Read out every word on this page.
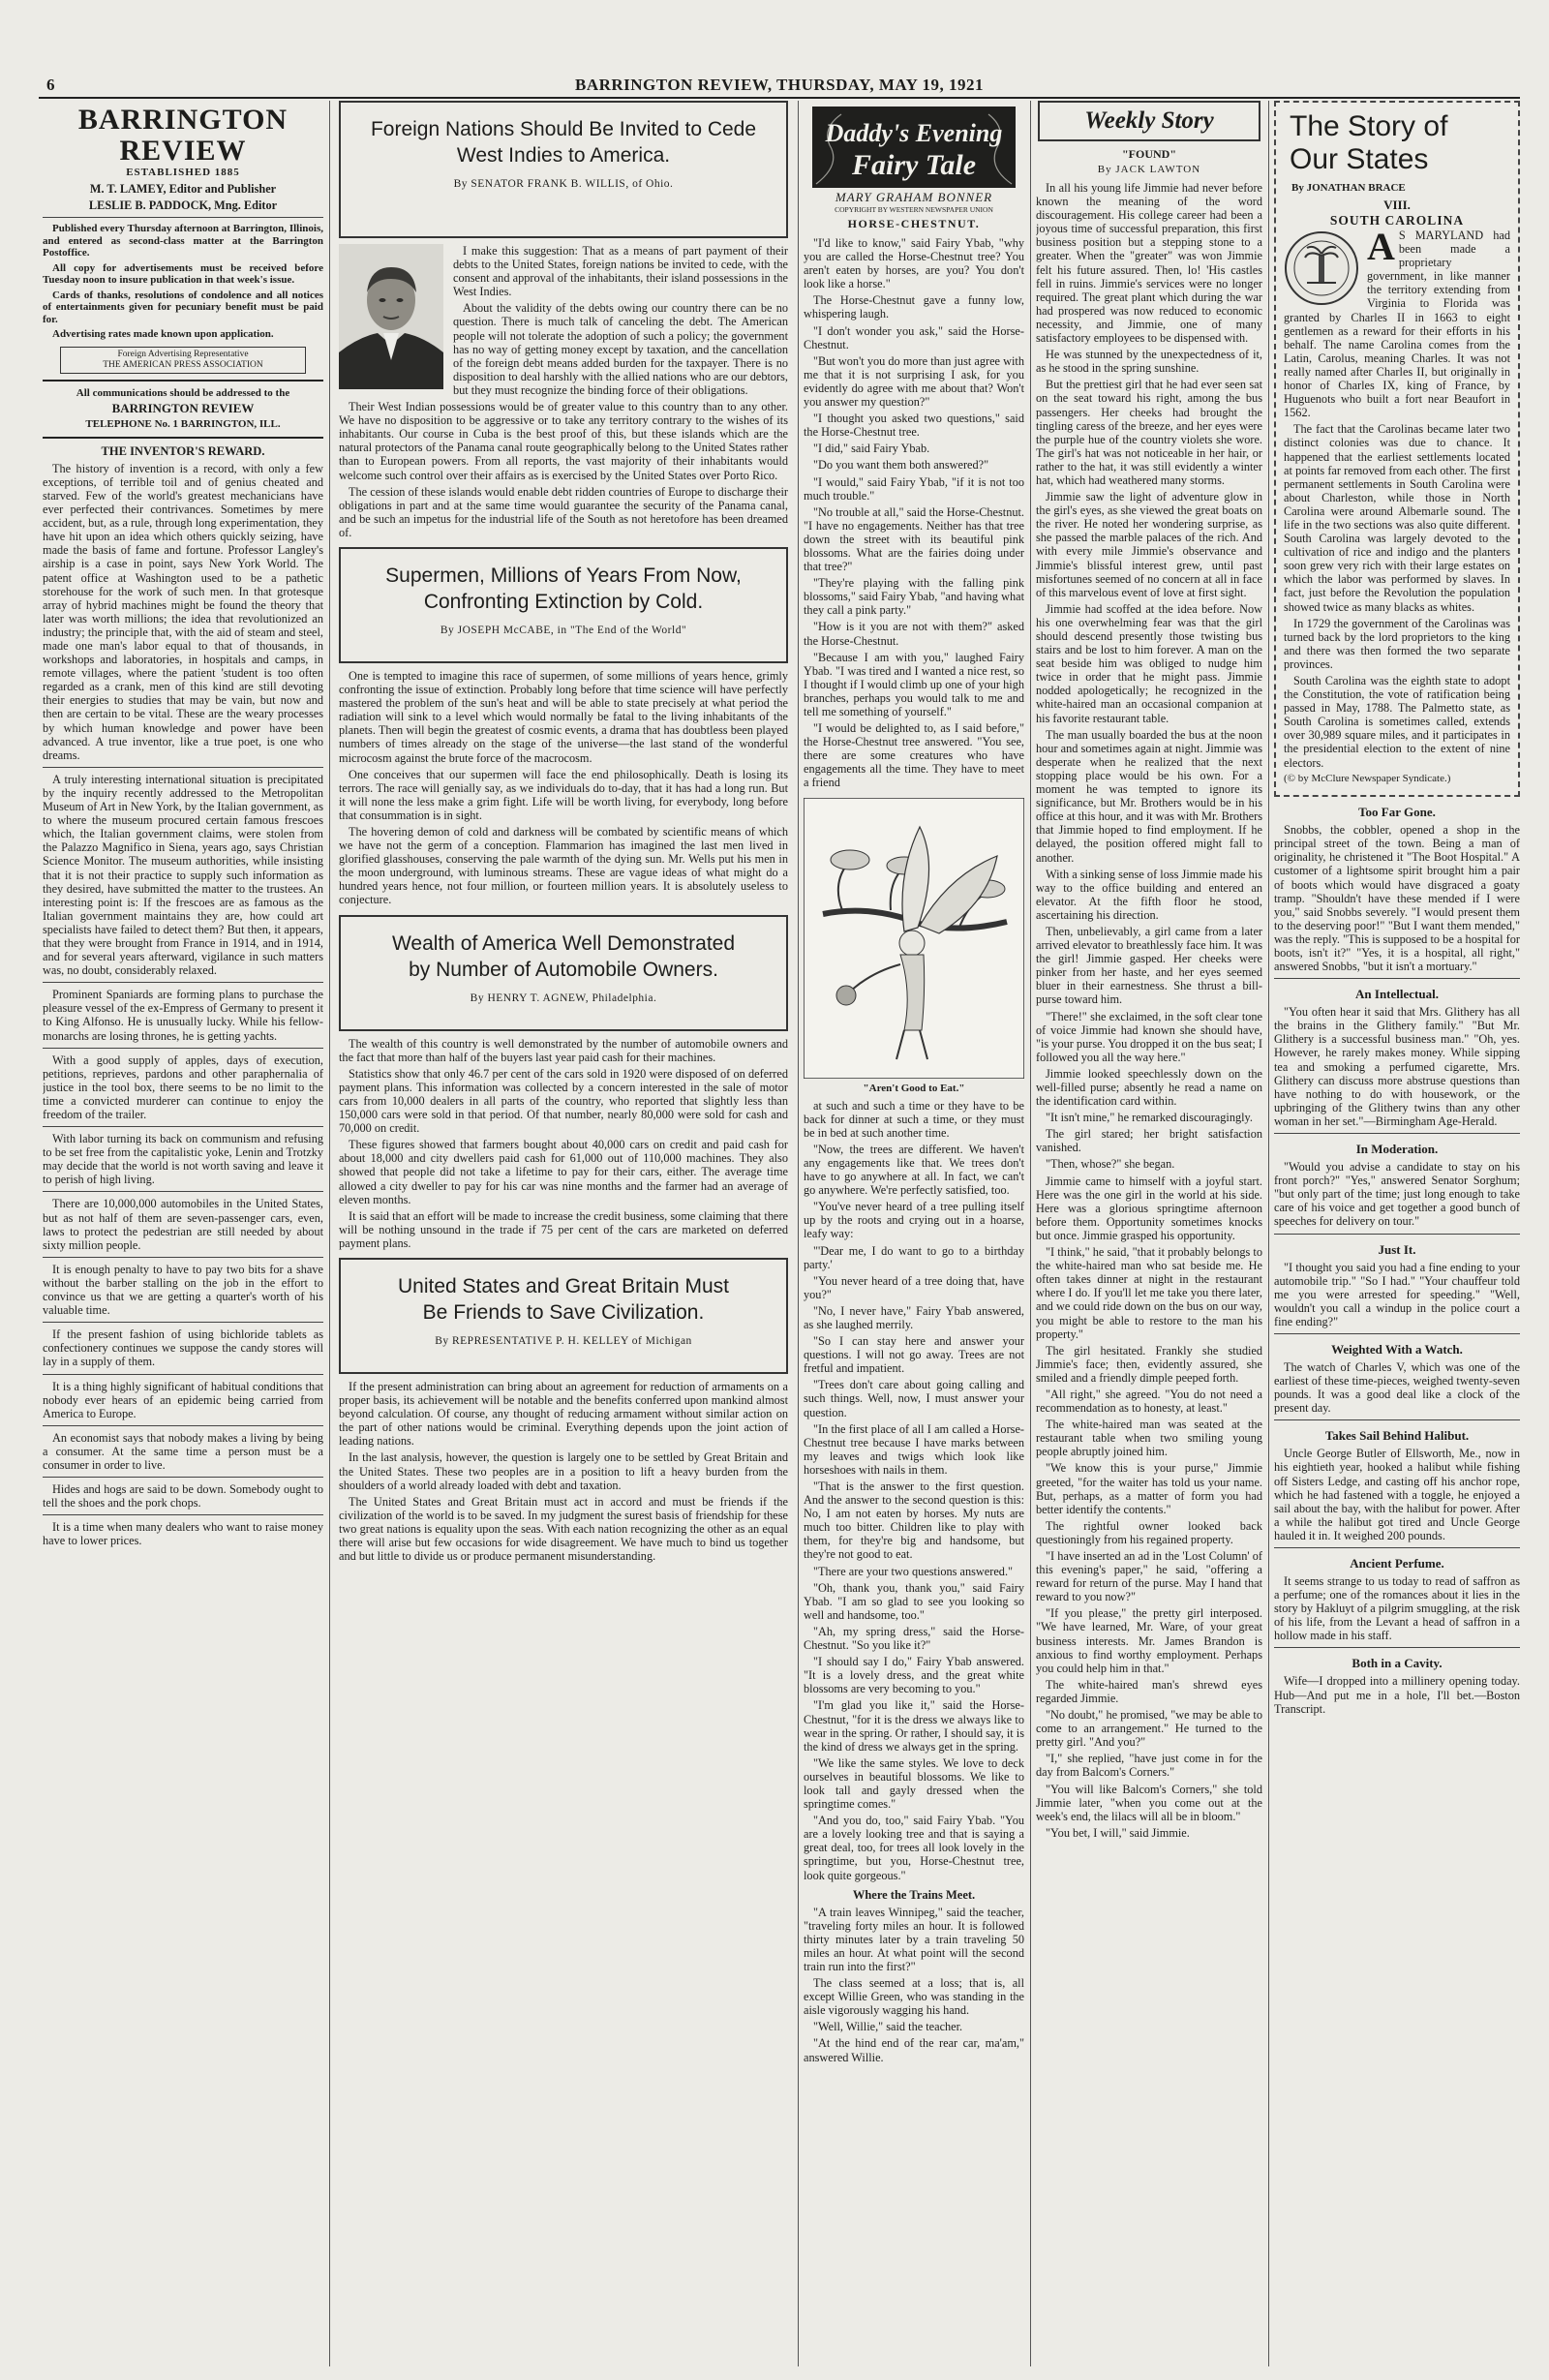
6	BARRINGTON REVIEW, THURSDAY, MAY 19, 1921
BARRINGTON REVIEW
ESTABLISHED 1885
M. T. LAMEY, Editor and Publisher
LESLIE B. PADDOCK, Mng. Editor

Published every Thursday afternoon at Barrington, Illinois, and entered as second-class matter at the Barrington Postoffice.

All copy for advertisements must be received before Tuesday noon to insure publication in that week's issue.

Cards of thanks, resolutions of condolence and all notices of entertainments given for pecuniary benefit must be paid for.

Advertising rates made known upon application.

Foreign Advertising Representative
THE AMERICAN PRESS ASSOCIATION
All communications should be addressed to the
BARRINGTON REVIEW
TELEPHONE No. 1 BARRINGTON, ILL.
THE INVENTOR'S REWARD.

The history of invention is a record, with only a few exceptions, of terrible toil and of genius cheated and starved. Few of the world's greatest mechanicians have ever perfected their contrivances. Sometimes by mere accident, but, as a rule, through long experimentation, they have hit upon an idea which others quickly seizing, have made the basis of fame and fortune. Professor Langley's airship is a case in point, says New York World. The patent office at Washington used to be a pathetic storehouse for the work of such men. In that grotesque array of hybrid machines might be found the theory that later was worth millions; the idea that revolutionized an industry; the principle that, with the aid of steam and steel, made one man's labor equal to that of thousands, in workshops and laboratories, in hospitals and camps, in remote villages, where the patient 'student is too often regarded as a crank, men of this kind are still devoting their energies to studies that may be vain, but now and then are certain to be vital. These are the weary processes by which human knowledge and power have been advanced. A true inventor, like a true poet, is one who dreams.

A truly interesting international situation is precipitated by the inquiry recently addressed to the Metropolitan Museum of Art in New York, by the Italian government, as to where the museum procured certain famous frescoes which, the Italian government claims, were stolen from the Palazzo Magnifico in Siena, years ago, says Christian Science Monitor. The museum authorities, while insisting that it is not their practice to supply such information as they desired, have submitted the matter to the trustees. An interesting point is: If the frescoes are as famous as the Italian government maintains they are, how could art specialists have failed to detect them? But then, it appears, that they were brought from France in 1914, and in 1914, and for several years afterward, vigilance in such matters was, no doubt, considerably relaxed.

Prominent Spaniards are forming plans to purchase the pleasure vessel of the ex-Empress of Germany to present it to King Alfonso. He is unusually lucky. While his fellow-monarchs are losing thrones, he is getting yachts.

With a good supply of apples, days of execution, petitions, reprieves, pardons and other paraphernalia of justice in the tool box, there seems to be no limit to the time a convicted murderer can continue to enjoy the freedom of the trailer.

With labor turning its back on communism and refusing to be set free from the capitalistic yoke, Lenin and Trotzky may decide that the world is not worth saving and leave it to perish of high living.

There are 10,000,000 automobiles in the United States, but as not half of them are seven-passenger cars, even, laws to protect the pedestrian are still needed by about sixty million people.

It is enough penalty to have to pay two bits for a shave without the barber stalling on the job in the effort to convince us that we are getting a quarter's worth of his valuable time.

If the present fashion of using bichloride tablets as confectionery continues we suppose the candy stores will lay in a supply of them.

It is a thing highly significant of habitual conditions that nobody ever hears of an epidemic being carried from America to Europe.

An economist says that nobody makes a living by being a consumer. At the same time a person must be a consumer in order to live.

Hides and hogs are said to be down. Somebody ought to tell the shoes and the pork chops.

It is a time when many dealers who want to raise money have to lower prices.

Foreign Nations Should Be Invited to Cede
West Indies to America.
By SENATOR FRANK B. WILLIS, of Ohio.

I make this suggestion: That as a means of part payment of their debts to the United States, foreign nations be invited to cede, with the consent and approval of the inhabitants, their island possessions in the West Indies.

About the validity of the debts owing our country there can be no question. There is much talk of canceling the debt. The American people will not tolerate the adoption of such a policy; the government has no way of getting money except by taxation, and the cancellation of the foreign debt means added burden for the taxpayer. There is no disposition to deal harshly with the allied nations who are our debtors, but they must recognize the binding force of their obligations.

Their West Indian possessions would be of greater value to this country than to any other. We have no disposition to be aggressive or to take any territory contrary to the wishes of its inhabitants. Our course in Cuba is the best proof of this, but these islands which are the natural protectors of the Panama canal route geographically belong to the United States rather than to European powers. From all reports, the vast majority of their inhabitants would welcome such control over their affairs as is exercised by the United States over Porto Rico.

The cession of these islands would enable debt ridden countries of Europe to discharge their obligations in part and at the same time would guarantee the security of the Panama canal, and be such an impetus for the industrial life of the South as not heretofore has been dreamed of.

Supermen, Millions of Years From Now,
Confronting Extinction by Cold.
By JOSEPH McCABE, in "The End of the World"

One is tempted to imagine this race of supermen, of some millions of years hence, grimly confronting the issue of extinction. Probably long before that time science will have perfectly mastered the problem of the sun's heat and will be able to state precisely at what period the radiation will sink to a level which would normally be fatal to the living inhabitants of the planets. Then will begin the greatest of cosmic events, a drama that has doubtless been played numbers of times already on the stage of the universe—the last stand of the wonderful microcosm against the brute force of the macrocosm.

One conceives that our supermen will face the end philosophically. Death is losing its terrors. The race will genially say, as we individuals do to-day, that it has had a long run. But it will none the less make a grim fight. Life will be worth living, for everybody, long before that consummation is in sight.

The hovering demon of cold and darkness will be combated by scientific means of which we have not the germ of a conception. Flammarion has imagined the last men lived in glorified glasshouses, conserving the pale warmth of the dying sun. Mr. Wells put his men in the moon underground, with luminous streams. These are vague ideas of what might do a hundred years hence, not four million, or fourteen million years. It is absolutely useless to conjecture.

Wealth of America Well Demonstrated
by Number of Automobile Owners.
By HENRY T. AGNEW, Philadelphia.

The wealth of this country is well demonstrated by the number of automobile owners and the fact that more than half of the buyers last year paid cash for their machines.

Statistics show that only 46.7 per cent of the cars sold in 1920 were disposed of on deferred payment plans. This information was collected by a concern interested in the sale of motor cars from 10,000 dealers in all parts of the country, who reported that slightly less than 150,000 cars were sold in that period. Of that number, nearly 80,000 were sold for cash and 70,000 on credit.

These figures showed that farmers bought about 40,000 cars on credit and paid cash for about 18,000 and city dwellers paid cash for 61,000 out of 110,000 machines. They also showed that people did not take a lifetime to pay for their cars, either. The average time allowed a city dweller to pay for his car was nine months and the farmer had an average of eleven months.

It is said that an effort will be made to increase the credit business, some claiming that there will be nothing unsound in the trade if 75 per cent of the cars are marketed on deferred payment plans.

United States and Great Britain Must
Be Friends to Save Civilization.
By REPRESENTATIVE P. H. KELLEY of Michigan

If the present administration can bring about an agreement for reduction of armaments on a proper basis, its achievement will be notable and the benefits conferred upon mankind almost beyond calculation. Of course, any thought of reducing armament without similar action on the part of other nations would be criminal. Everything depends upon the joint action of leading nations.

In the last analysis, however, the question is largely one to be settled by Great Britain and the United States. These two peoples are in a position to lift a heavy burden from the shoulders of a world already loaded with debt and taxation.

The United States and Great Britain must act in accord and must be friends if the civilization of the world is to be saved. In my judgment the surest basis of friendship for these two great nations is equality upon the seas. With each nation recognizing the other as an equal there will arise but few occasions for wide disagreement. We have much to bind us together and but little to divide us or produce permanent misunderstanding.

Daddy's Evening
Fairy Tale
MARY GRAHAM BONNER
COPYRIGHT BY WESTERN NEWSPAPER UNION
HORSE-CHESTNUT.

"I'd like to know," said Fairy Ybab, "why you are called the Horse-Chestnut tree? You aren't eaten by horses, are you? You don't look like a horse."

The Horse-Chestnut gave a funny low, whispering laugh.

"I don't wonder you ask," said the Horse-Chestnut.

"But won't you do more than just agree with me that it is not surprising I ask, for you evidently do agree with me about that? Won't you answer my question?"

"I thought you asked two questions," said the Horse-Chestnut tree.

"I did," said Fairy Ybab.

"Do you want them both answered?"

"I would," said Fairy Ybab, "if it is not too much trouble."

"No trouble at all," said the Horse-Chestnut. "I have no engagements. Neither has that tree down the street with its beautiful pink blossoms. What are the fairies doing under that tree?"

"They're playing with the falling pink blossoms," said Fairy Ybab, "and having what they call a pink party."

"How is it you are not with them?" asked the Horse-Chestnut.

"Because I am with you," laughed Fairy Ybab. "I was tired and I wanted a nice rest, so I thought if I would climb up one of your high branches, perhaps you would talk to me and tell me something of yourself."

"I would be delighted to, as I said before," the Horse-Chestnut tree answered. "You see, there are some creatures who have engagements all the time. They have to meet a friend

"Aren't Good to Eat."

at such and such a time or they have to be back for dinner at such a time, or they must be in bed at such another time.

"Now, the trees are different. We haven't any engagements like that. We trees don't have to go anywhere at all. In fact, we can't go anywhere. We're perfectly satisfied, too.

"You've never heard of a tree pulling itself up by the roots and crying out in a hoarse, leafy way:

"'Dear me, I do want to go to a birthday party.'

"You never heard of a tree doing that, have you?"

"No, I never have," Fairy Ybab answered, as she laughed merrily.

"So I can stay here and answer your questions. I will not go away. Trees are not fretful and impatient.

"Trees don't care about going calling and such things. Well, now, I must answer your question.

"In the first place of all I am called a Horse-Chestnut tree because I have marks between my leaves and twigs which look like horseshoes with nails in them.

"That is the answer to the first question. And the answer to the second question is this: No, I am not eaten by horses. My nuts are much too bitter. Children like to play with them, for they're big and handsome, but they're not good to eat.

"There are your two questions answered."

"Oh, thank you, thank you," said Fairy Ybab. "I am so glad to see you looking so well and handsome, too."

"Ah, my spring dress," said the Horse-Chestnut. "So you like it?"

"I should say I do," Fairy Ybab answered. "It is a lovely dress, and the great white blossoms are very becoming to you."

"I'm glad you like it," said the Horse-Chestnut, "for it is the dress we always like to wear in the spring. Or rather, I should say, it is the kind of dress we always get in the spring.

"We like the same styles. We love to deck ourselves in beautiful blossoms. We like to look tall and gayly dressed when the springtime comes."

"And you do, too," said Fairy Ybab. "You are a lovely looking tree and that is saying a great deal, too, for trees all look lovely in the springtime, but you, Horse-Chestnut tree, look quite gorgeous."

Where the Trains Meet.

"A train leaves Winnipeg," said the teacher, "traveling forty miles an hour. It is followed thirty minutes later by a train traveling 50 miles an hour. At what point will the second train run into the first?"

The class seemed at a loss; that is, all except Willie Green, who was standing in the aisle vigorously wagging his hand.

"Well, Willie," said the teacher.

"At the hind end of the rear car, ma'am," answered Willie.

Weekly Story
"FOUND"
By JACK LAWTON

In all his young life Jimmie had never before known the meaning of the word discouragement. His college career had been a joyous time of successful preparation, this first business position but a stepping stone to a greater. When the "greater" was won Jimmie felt his future assured. Then, lo! 'His castles fell in ruins. Jimmie's services were no longer required. The great plant which during the war had prospered was now reduced to economic necessity, and Jimmie, one of many satisfactory employees to be dispensed with.

He was stunned by the unexpectedness of it, as he stood in the spring sunshine.

But the prettiest girl that he had ever seen sat on the seat toward his right, among the bus passengers. Her cheeks had brought the tingling caress of the breeze, and her eyes were the purple hue of the country violets she wore. The girl's hat was not noticeable in her hair, or rather to the hat, it was still evidently a winter hat, which had weathered many storms.

Jimmie saw the light of adventure glow in the girl's eyes, as she viewed the great boats on the river. He noted her wondering surprise, as she passed the marble palaces of the rich. And with every mile Jimmie's observance and Jimmie's blissful interest grew, until past misfortunes seemed of no concern at all in face of this marvelous event of love at first sight.

Jimmie had scoffed at the idea before. Now his one overwhelming fear was that the girl should descend presently those twisting bus stairs and be lost to him forever. A man on the seat beside him was obliged to nudge him twice in order that he might pass. Jimmie nodded apologetically; he recognized in the white-haired man an occasional companion at his favorite restaurant table.

The man usually boarded the bus at the noon hour and sometimes again at night. Jimmie was desperate when he realized that the next stopping place would be his own. For a moment he was tempted to ignore its significance, but Mr. Brothers would be in his office at this hour, and it was with Mr. Brothers that Jimmie hoped to find employment. If he delayed, the position offered might fall to another.

With a sinking sense of loss Jimmie made his way to the office building and entered an elevator. At the fifth floor he stood, ascertaining his direction.

Then, unbelievably, a girl came from a later arrived elevator to breathlessly face him. It was the girl! Jimmie gasped. Her cheeks were pinker from her haste, and her eyes seemed bluer in their earnestness. She thrust a bill-purse toward him.

"There!" she exclaimed, in the soft clear tone of voice Jimmie had known she should have, "is your purse. You dropped it on the bus seat; I followed you all the way here."

Jimmie looked speechlessly down on the well-filled purse; absently he read a name on the identification card within.

"It isn't mine," he remarked discouragingly.

The girl stared; her bright satisfaction vanished.

"Then, whose?" she began.

Jimmie came to himself with a joyful start. Here was the one girl in the world at his side. Here was a glorious springtime afternoon before them. Opportunity sometimes knocks but once. Jimmie grasped his opportunity.

"I think," he said, "that it probably belongs to the white-haired man who sat beside me. He often takes dinner at night in the restaurant where I do. If you'll let me take you there later, and we could ride down on the bus on our way, you might be able to restore to the man his property."

The girl hesitated. Frankly she studied Jimmie's face; then, evidently assured, she smiled and a friendly dimple peeped forth.

"All right," she agreed. "You do not need a recommendation as to honesty, at least."

The white-haired man was seated at the restaurant table when two smiling young people abruptly joined him.

"We know this is your purse," Jimmie greeted, "for the waiter has told us your name. But, perhaps, as a matter of form you had better identify the contents."

The rightful owner looked back questioningly from his regained property.

"I have inserted an ad in the 'Lost Column' of this evening's paper," he said, "offering a reward for return of the purse. May I hand that reward to you now?"

"If you please," the pretty girl interposed. "We have learned, Mr. Ware, of your great business interests. Mr. James Brandon is anxious to find worthy employment. Perhaps you could help him in that."

The white-haired man's shrewd eyes regarded Jimmie.

"No doubt," he promised, "we may be able to come to an arrangement." He turned to the pretty girl. "And you?"

"I," she replied, "have just come in for the day from Balcom's Corners."

"You will like Balcom's Corners," she told Jimmie later, "when you come out at the week's end, the lilacs will all be in bloom."

"You bet, I will," said Jimmie.

The Story of
Our States
By JONATHAN BRACE
VIII.
SOUTH CAROLINA
A S MARYLAND had been made a proprietary government, in like manner the territory extending from Virginia to Florida was granted by Charles II in 1663 to eight gentlemen as a reward for their efforts in his behalf. The name Carolina comes from the Latin, Carolus, meaning Charles. It was not really named after Charles II, but originally in honor of Charles IX, king of France, by Huguenots who built a fort near Beaufort in 1562.

The fact that the Carolinas became later two distinct colonies was due to chance. It happened that the earliest settlements located at points far removed from each other. The first permanent settlements in South Carolina were about Charleston, while those in North Carolina were around Albemarle sound. The life in the two sections was also quite different. South Carolina was largely devoted to the cultivation of rice and indigo and the planters soon grew very rich with their large estates on which the labor was performed by slaves. In fact, just before the Revolution the population showed twice as many blacks as whites.

In 1729 the government of the Carolinas was turned back by the lord proprietors to the king and there was then formed the two separate provinces.

South Carolina was the eighth state to adopt the Constitution, the vote of ratification being passed in May, 1788. The Palmetto state, as South Carolina is sometimes called, extends over 30,989 square miles, and it participates in the presidential election to the extent of nine electors.

(© by McClure Newspaper Syndicate.)
Too Far Gone.

Snobbs, the cobbler, opened a shop in the principal street of the town. Being a man of originality, he christened it "The Boot Hospital." A customer of a lightsome spirit brought him a pair of boots which would have disgraced a goaty tramp. "Shouldn't have these mended if I were you," said Snobbs severely. "I would present them to the deserving poor!" "But I want them mended," was the reply. "This is supposed to be a hospital for boots, isn't it?" "Yes, it is a hospital, all right," answered Snobbs, "but it isn't a mortuary."

An Intellectual.

"You often hear it said that Mrs. Glithery has all the brains in the Glithery family." "But Mr. Glithery is a successful business man." "Oh, yes. However, he rarely makes money. While sipping tea and smoking a perfumed cigarette, Mrs. Glithery can discuss more abstruse questions than have nothing to do with housework, or the upbringing of the Glithery twins than any other woman in her set."—Birmingham Age-Herald.

In Moderation.

"Would you advise a candidate to stay on his front porch?" "Yes," answered Senator Sorghum; "but only part of the time; just long enough to take care of his voice and get together a good bunch of speeches for delivery on tour."

Just It.

"I thought you said you had a fine ending to your automobile trip." "So I had." "Your chauffeur told me you were arrested for speeding." "Well, wouldn't you call a windup in the police court a fine ending?"

Weighted With a Watch.

The watch of Charles V, which was one of the earliest of these time-pieces, weighed twenty-seven pounds. It was a good deal like a clock of the present day.

Takes Sail Behind Halibut.

Uncle George Butler of Ellsworth, Me., now in his eightieth year, hooked a halibut while fishing off Sisters Ledge, and casting off his anchor rope, which he had fastened with a toggle, he enjoyed a sail about the bay, with the halibut for power. After a while the halibut got tired and Uncle George hauled it in. It weighed 200 pounds.

Ancient Perfume.

It seems strange to us today to read of saffron as a perfume; one of the romances about it lies in the story by Hakluyt of a pilgrim smuggling, at the risk of his life, from the Levant a head of saffron in a hollow made in his staff.

Both in a Cavity.

Wife—I dropped into a millinery opening today. Hub—And put me in a hole, I'll bet.—Boston Transcript.
